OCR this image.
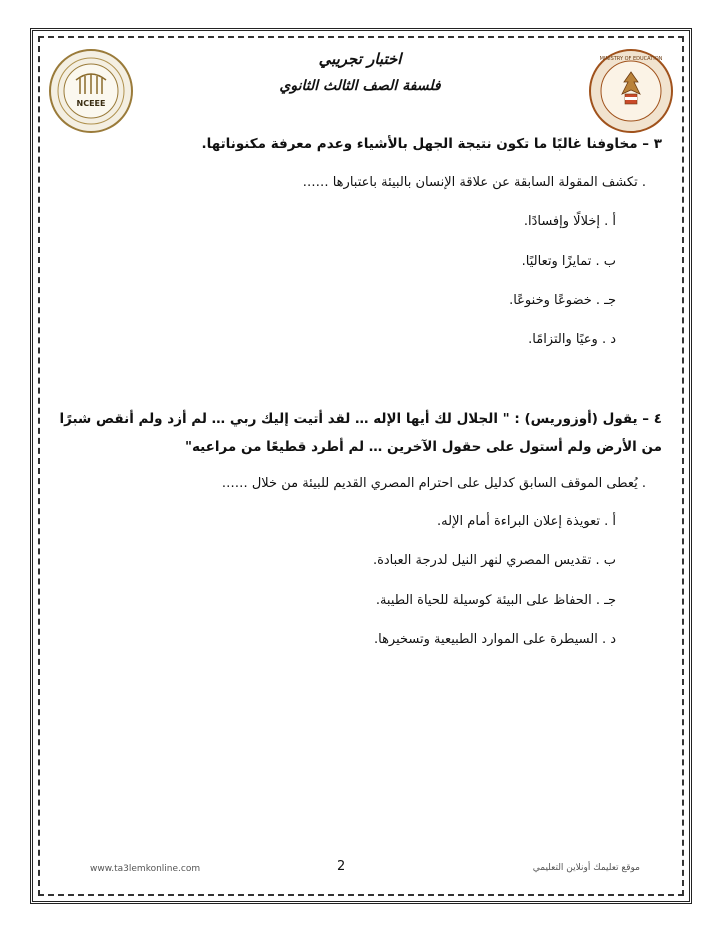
NCEEE
MINISTRY OF EDUCATION
اختبار تجريبي
فلسفة الصف الثالث الثانوي
٣ – مخاوفنا غالبًا ما تكون نتيجة الجهل بالأشياء وعدم معرفة مكنوناتها.
. تكشف المقولة السابقة عن علاقة الإنسان بالبيئة باعتبارها ……
أ . إخلالًا وإفسادًا.
ب . تمايزًا وتعاليًا.
جـ . خضوعًا وخنوعًا.
د . وعيًا والتزامًا.
٤ – يقول (أوزوريس) : " الجلال لك أيها الإله … لقد أتيت إليك ربي … لم أزد ولم أنقص شبرًا من الأرض ولم أستول على حقول الآخرين … لم أطرد قطيعًا من مراعيه"
. يُعطى الموقف السابق كدليل على احترام المصري القديم للبيئة من خلال ……
أ . تعويذة إعلان البراءة أمام الإله.
ب . تقديس المصري لنهر النيل لدرجة العبادة.
جـ . الحفاظ على البيئة كوسيلة للحياة الطيبة.
د . السيطرة على الموارد الطبيعية وتسخيرها.
www.ta3lemkonline.com	2	موقع تعليمك أونلاين التعليمي
